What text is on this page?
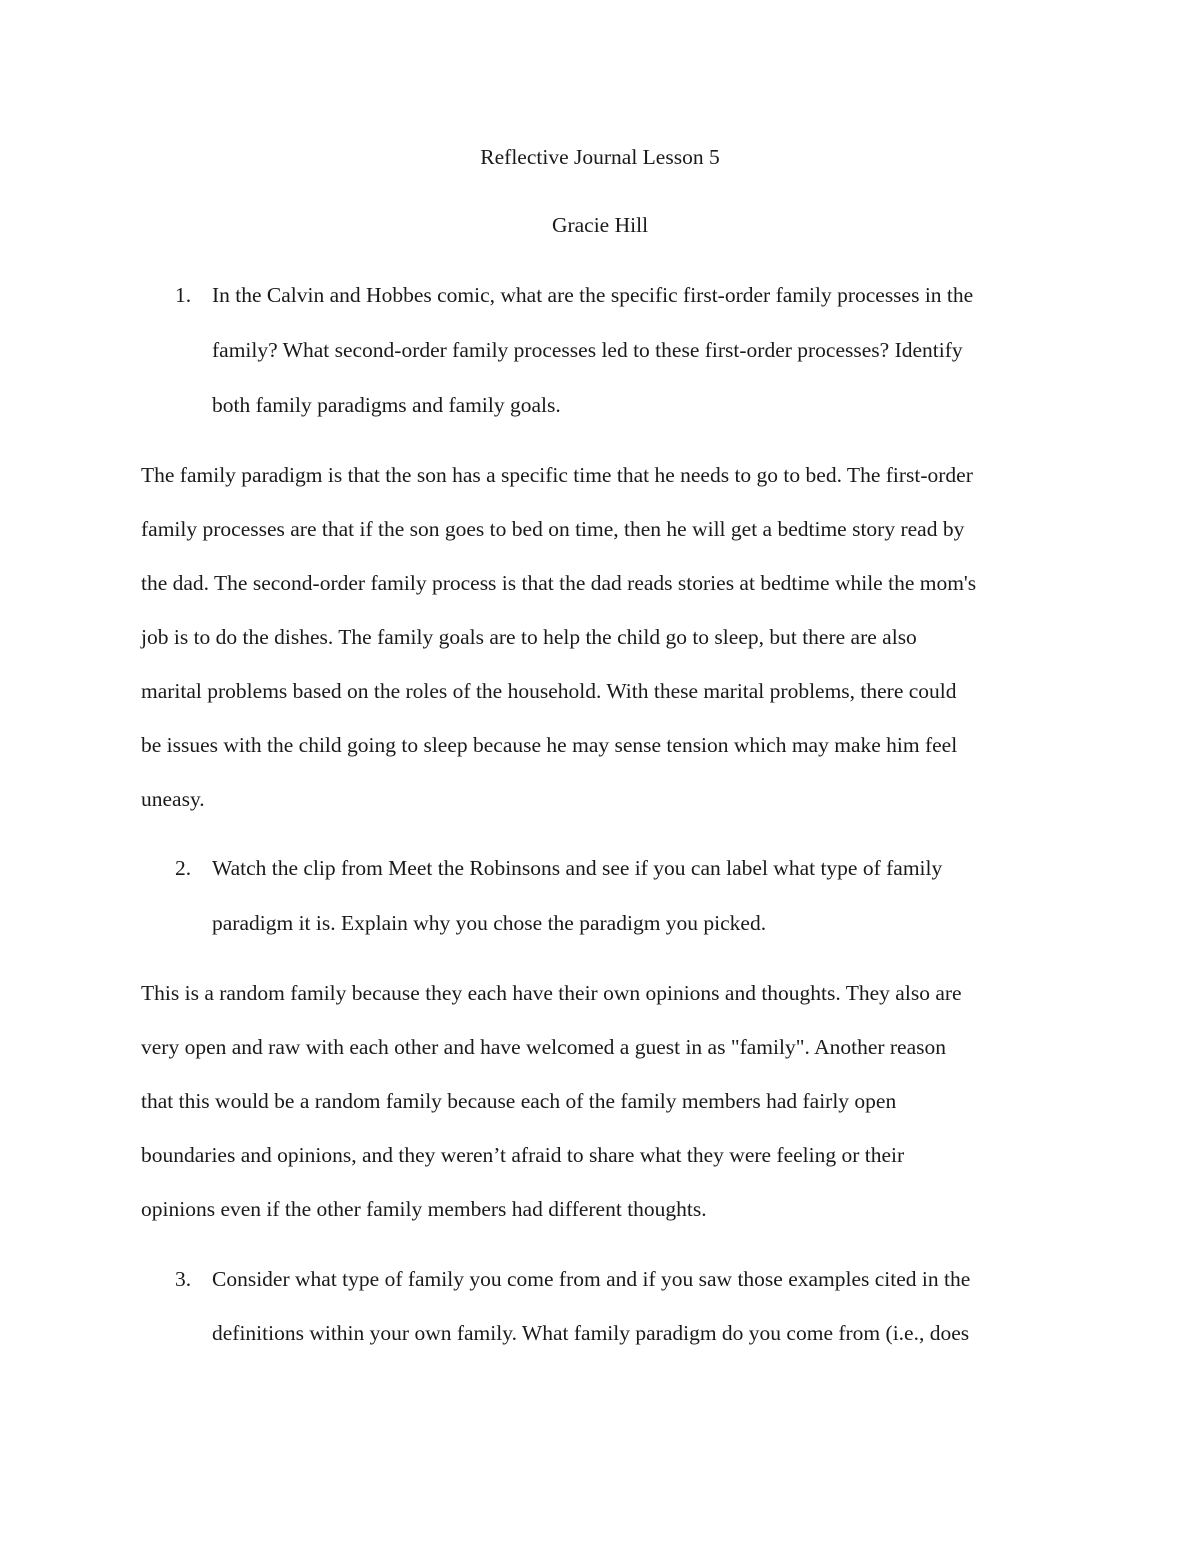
Reflective Journal Lesson 5
Gracie Hill
1. In the Calvin and Hobbes comic, what are the specific first-order family processes in the
family? What second-order family processes led to these first-order processes? Identify
both family paradigms and family goals.
The family paradigm is that the son has a specific time that he needs to go to bed. The first-order
family processes are that if the son goes to bed on time, then he will get a bedtime story read by
the dad. The second-order family process is that the dad reads stories at bedtime while the mom's
job is to do the dishes. The family goals are to help the child go to sleep, but there are also
marital problems based on the roles of the household. With these marital problems, there could
be issues with the child going to sleep because he may sense tension which may make him feel
uneasy.
2. Watch the clip from Meet the Robinsons and see if you can label what type of family
paradigm it is. Explain why you chose the paradigm you picked.
This is a random family because they each have their own opinions and thoughts. They also are
very open and raw with each other and have welcomed a guest in as "family". Another reason
that this would be a random family because each of the family members had fairly open
boundaries and opinions, and they weren’t afraid to share what they were feeling or their
opinions even if the other family members had different thoughts.
3. Consider what type of family you come from and if you saw those examples cited in the
definitions within your own family. What family paradigm do you come from (i.e., does
